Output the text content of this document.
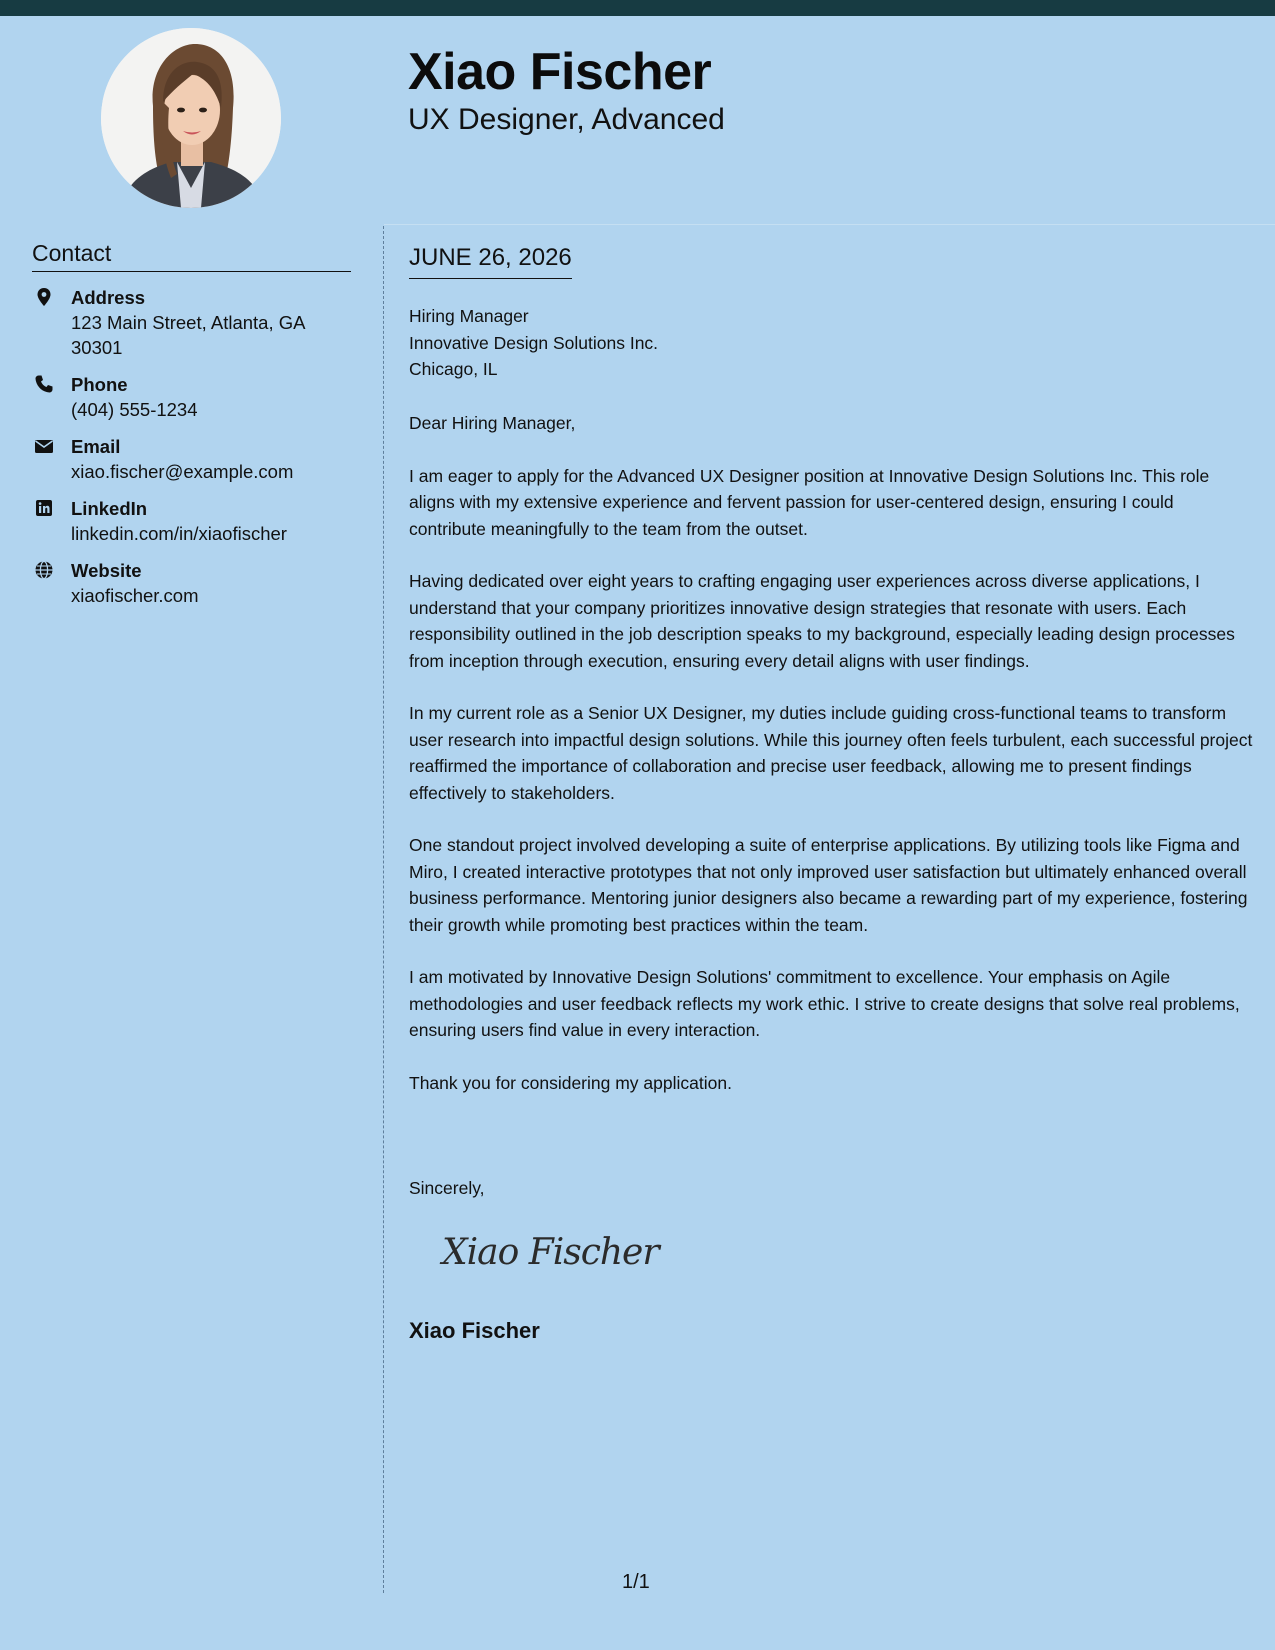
Xiao Fischer
UX Designer, Advanced
Contact
Address
123 Main Street, Atlanta, GA 30301
Phone
(404) 555-1234
Email
xiao.fischer@example.com
LinkedIn
linkedin.com/in/xiaofischer
Website
xiaofischer.com
JUNE 26, 2026
Hiring Manager
Innovative Design Solutions Inc.
Chicago, IL

Dear Hiring Manager,

I am eager to apply for the Advanced UX Designer position at Innovative Design Solutions Inc. This role aligns with my extensive experience and fervent passion for user-centered design, ensuring I could contribute meaningfully to the team from the outset.

Having dedicated over eight years to crafting engaging user experiences across diverse applications, I understand that your company prioritizes innovative design strategies that resonate with users. Each responsibility outlined in the job description speaks to my background, especially leading design processes from inception through execution, ensuring every detail aligns with user findings.

In my current role as a Senior UX Designer, my duties include guiding cross-functional teams to transform user research into impactful design solutions. While this journey often feels turbulent, each successful project reaffirmed the importance of collaboration and precise user feedback, allowing me to present findings effectively to stakeholders.

One standout project involved developing a suite of enterprise applications. By utilizing tools like Figma and Miro, I created interactive prototypes that not only improved user satisfaction but ultimately enhanced overall business performance. Mentoring junior designers also became a rewarding part of my experience, fostering their growth while promoting best practices within the team.

I am motivated by Innovative Design Solutions' commitment to excellence. Your emphasis on Agile methodologies and user feedback reflects my work ethic. I strive to create designs that solve real problems, ensuring users find value in every interaction.

Thank you for considering my application.

Sincerely,
Xiao Fischer
Xiao Fischer
1/1
